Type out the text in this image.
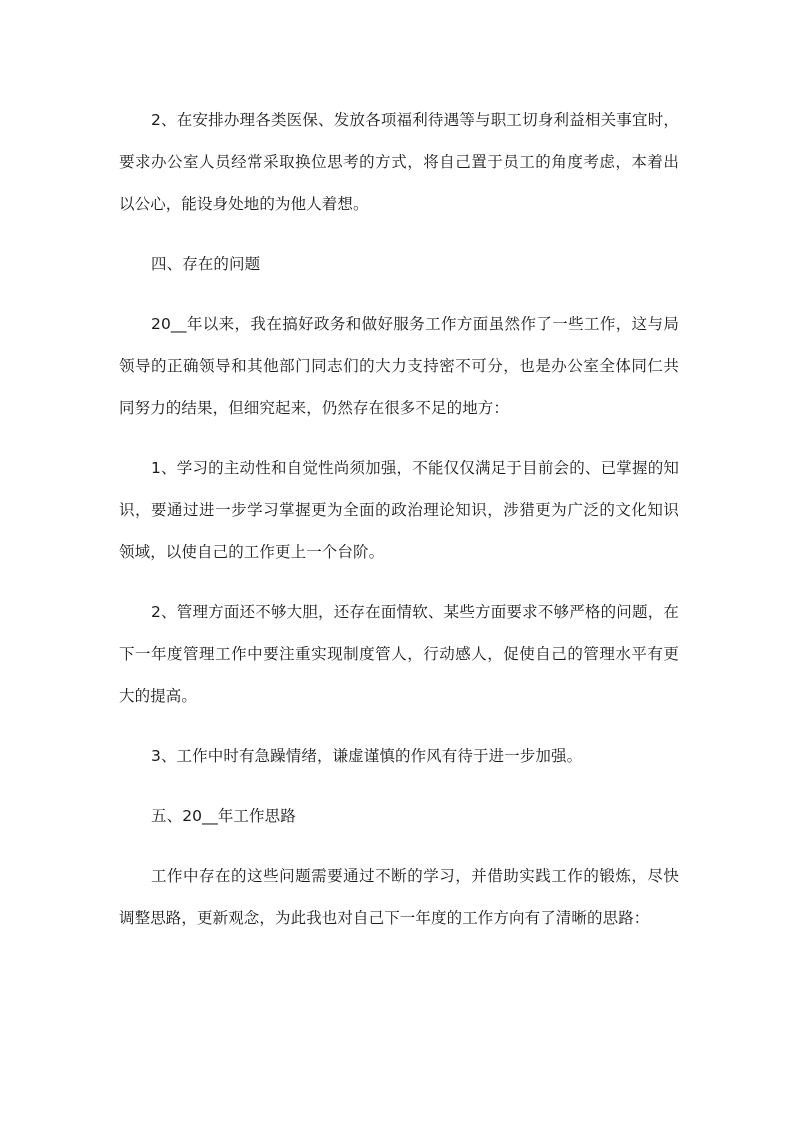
2、在安排办理各类医保、发放各项福利待遇等与职工切身利益相关事宜时，要求办公室人员经常采取换位思考的方式，将自己置于员工的角度考虑，本着出以公心，能设身处地的为他人着想。

四、存在的问题

20__年以来，我在搞好政务和做好服务工作方面虽然作了一些工作，这与局领导的正确领导和其他部门同志们的大力支持密不可分，也是办公室全体同仁共同努力的结果，但细究起来，仍然存在很多不足的地方：

1、学习的主动性和自觉性尚须加强，不能仅仅满足于目前会的、已掌握的知识，要通过进一步学习掌握更为全面的政治理论知识，涉猎更为广泛的文化知识领域，以使自己的工作更上一个台阶。

2、管理方面还不够大胆，还存在面情软、某些方面要求不够严格的问题，在下一年度管理工作中要注重实现制度管人，行动感人，促使自己的管理水平有更大的提高。

3、工作中时有急躁情绪，谦虚谨慎的作风有待于进一步加强。

五、20__年工作思路

工作中存在的这些问题需要通过不断的学习，并借助实践工作的锻炼，尽快调整思路，更新观念，为此我也对自己下一年度的工作方向有了清晰的思路：
